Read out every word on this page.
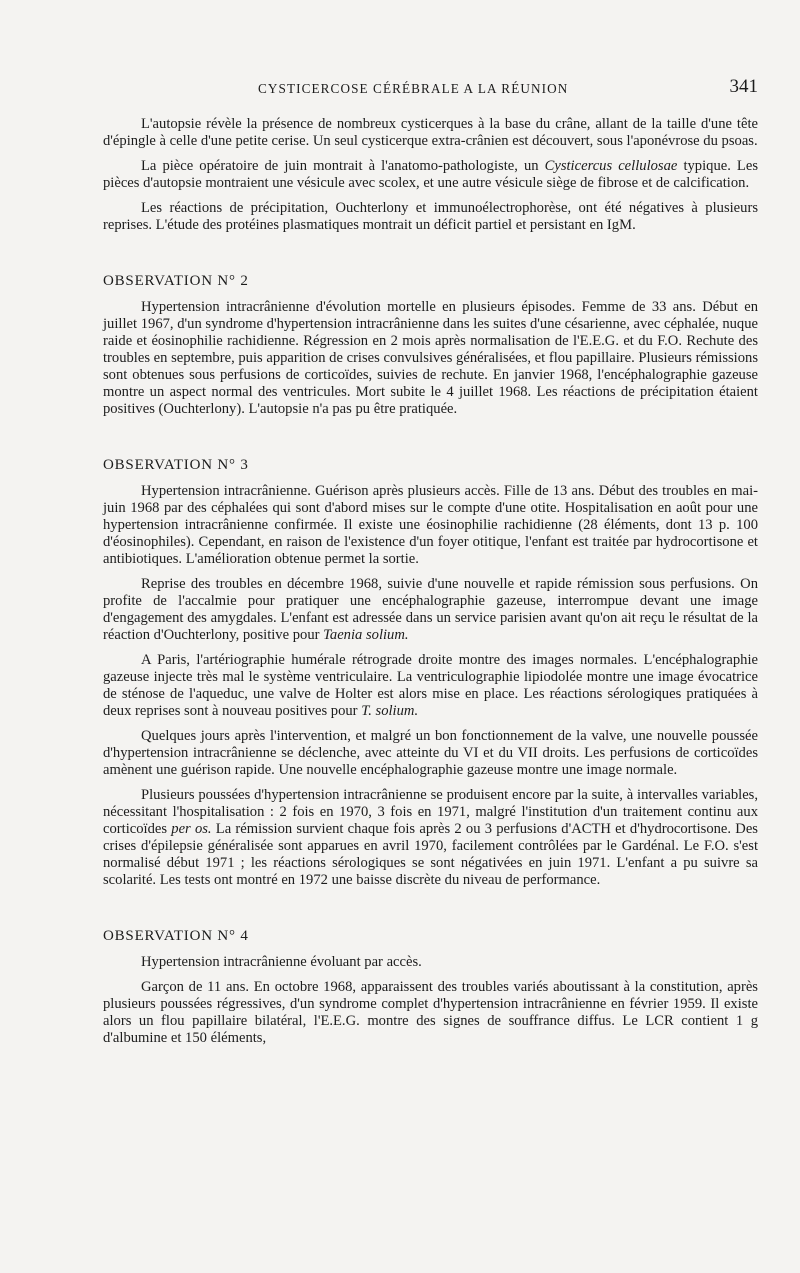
CYSTICERCOSE CÉRÉBRALE A LA RÉUNION	341

L'autopsie révèle la présence de nombreux cysticerques à la base du crâne, allant de la taille d'une tête d'épingle à celle d'une petite cerise. Un seul cysticerque extra-crânien est découvert, sous l'aponévrose du psoas.

La pièce opératoire de juin montrait à l'anatomo-pathologiste, un Cysticercus cellulosae typique. Les pièces d'autopsie montraient une vésicule avec scolex, et une autre vésicule siège de fibrose et de calcification.

Les réactions de précipitation, Ouchterlony et immunoélectrophorèse, ont été négatives à plusieurs reprises. L'étude des protéines plasmatiques montrait un déficit partiel et persistant en IgM.

OBSERVATION N° 2

Hypertension intracrânienne d'évolution mortelle en plusieurs épisodes. Femme de 33 ans. Début en juillet 1967, d'un syndrome d'hypertension intracrânienne dans les suites d'une césarienne, avec céphalée, nuque raide et éosinophilie rachidienne. Régression en 2 mois après normalisation de l'E.E.G. et du F.O. Rechute des troubles en septembre, puis apparition de crises convulsives généralisées, et flou papillaire. Plusieurs rémissions sont obtenues sous perfusions de corticoïdes, suivies de rechute. En janvier 1968, l'encéphalographie gazeuse montre un aspect normal des ventricules. Mort subite le 4 juillet 1968. Les réactions de précipitation étaient positives (Ouchterlony). L'autopsie n'a pas pu être pratiquée.

OBSERVATION N° 3

Hypertension intracrânienne. Guérison après plusieurs accès. Fille de 13 ans. Début des troubles en mai-juin 1968 par des céphalées qui sont d'abord mises sur le compte d'une otite. Hospitalisation en août pour une hypertension intracrânienne confirmée. Il existe une éosinophilie rachidienne (28 éléments, dont 13 p. 100 d'éosinophiles). Cependant, en raison de l'existence d'un foyer otitique, l'enfant est traitée par hydrocortisone et antibiotiques. L'amélioration obtenue permet la sortie.

Reprise des troubles en décembre 1968, suivie d'une nouvelle et rapide rémission sous perfusions. On profite de l'accalmie pour pratiquer une encéphalographie gazeuse, interrompue devant une image d'engagement des amygdales. L'enfant est adressée dans un service parisien avant qu'on ait reçu le résultat de la réaction d'Ouchterlony, positive pour Taenia solium.

A Paris, l'artériographie humérale rétrograde droite montre des images normales. L'encéphalographie gazeuse injecte très mal le système ventriculaire. La ventriculographie lipiodolée montre une image évocatrice de sténose de l'aqueduc, une valve de Holter est alors mise en place. Les réactions sérologiques pratiquées à deux reprises sont à nouveau positives pour T. solium.

Quelques jours après l'intervention, et malgré un bon fonctionnement de la valve, une nouvelle poussée d'hypertension intracrânienne se déclenche, avec atteinte du VI et du VII droits. Les perfusions de corticoïdes amènent une guérison rapide. Une nouvelle encéphalographie gazeuse montre une image normale.

Plusieurs poussées d'hypertension intracrânienne se produisent encore par la suite, à intervalles variables, nécessitant l'hospitalisation : 2 fois en 1970, 3 fois en 1971, malgré l'institution d'un traitement continu aux corticoïdes per os. La rémission survient chaque fois après 2 ou 3 perfusions d'ACTH et d'hydrocortisone. Des crises d'épilepsie généralisée sont apparues en avril 1970, facilement contrôlées par le Gardénal. Le F.O. s'est normalisé début 1971 ; les réactions sérologiques se sont négativées en juin 1971. L'enfant a pu suivre sa scolarité. Les tests ont montré en 1972 une baisse discrète du niveau de performance.

OBSERVATION N° 4

Hypertension intracrânienne évoluant par accès.

Garçon de 11 ans. En octobre 1968, apparaissent des troubles variés aboutissant à la constitution, après plusieurs poussées régressives, d'un syndrome complet d'hypertension intracrânienne en février 1959. Il existe alors un flou papillaire bilatéral, l'E.E.G. montre des signes de souffrance diffus. Le LCR contient 1 g d'albumine et 150 éléments,
